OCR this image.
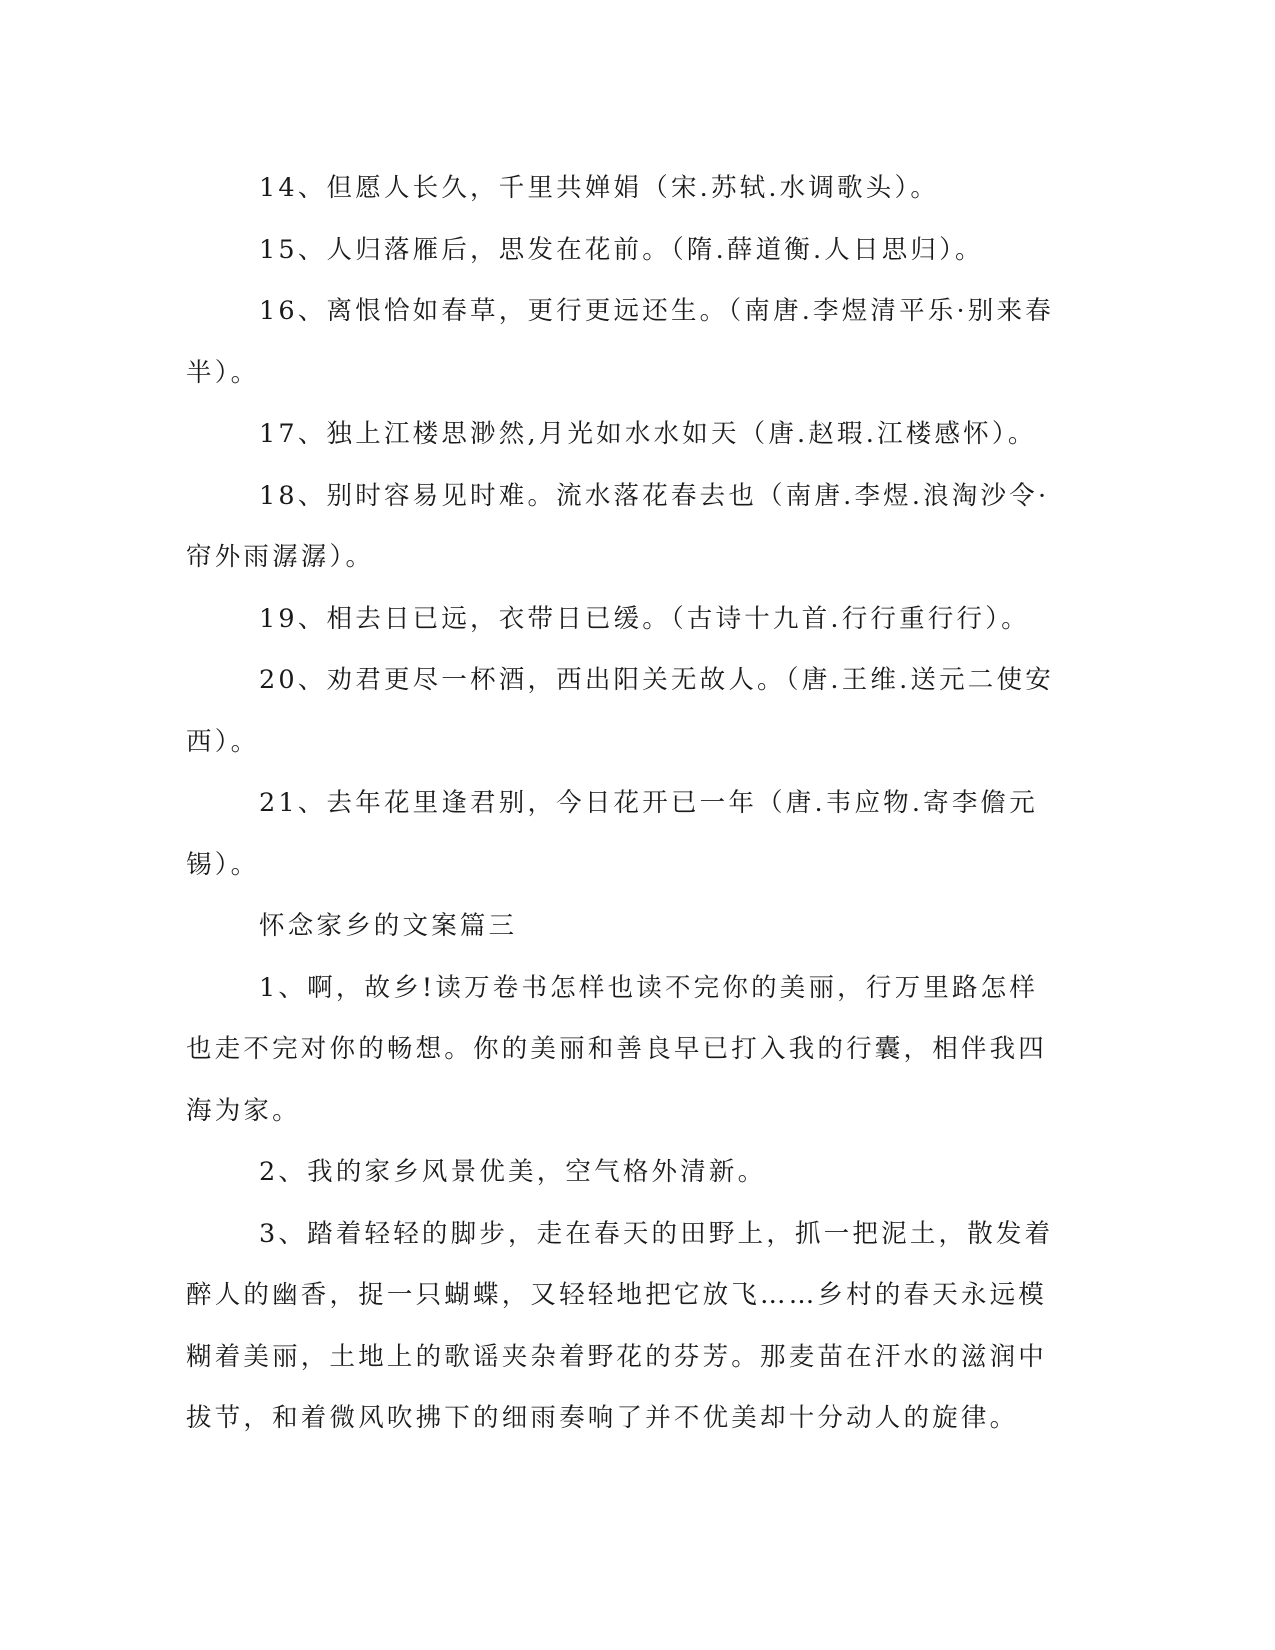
14、但愿人长久，千里共婵娟（宋.苏轼.水调歌头）。

15、人归落雁后，思发在花前。（隋.薛道衡.人日思归）。

16、离恨恰如春草，更行更远还生。（南唐.李煜清平乐·别来春半）。

17、独上江楼思渺然,月光如水水如天（唐.赵瑕.江楼感怀）。

18、别时容易见时难。流水落花春去也（南唐.李煜.浪淘沙令·帘外雨潺潺）。

19、相去日已远，衣带日已缓。（古诗十九首.行行重行行）。

20、劝君更尽一杯酒，西出阳关无故人。（唐.王维.送元二使安西）。

21、去年花里逢君别，今日花开已一年（唐.韦应物.寄李儋元锡）。

怀念家乡的文案篇三

1、啊，故乡!读万卷书怎样也读不完你的美丽，行万里路怎样也走不完对你的畅想。你的美丽和善良早已打入我的行囊，相伴我四海为家。

2、我的家乡风景优美，空气格外清新。

3、踏着轻轻的脚步，走在春天的田野上，抓一把泥土，散发着醉人的幽香，捉一只蝴蝶，又轻轻地把它放飞……乡村的春天永远模糊着美丽，土地上的歌谣夹杂着野花的芬芳。那麦苗在汗水的滋润中拔节，和着微风吹拂下的细雨奏响了并不优美却十分动人的旋律。
